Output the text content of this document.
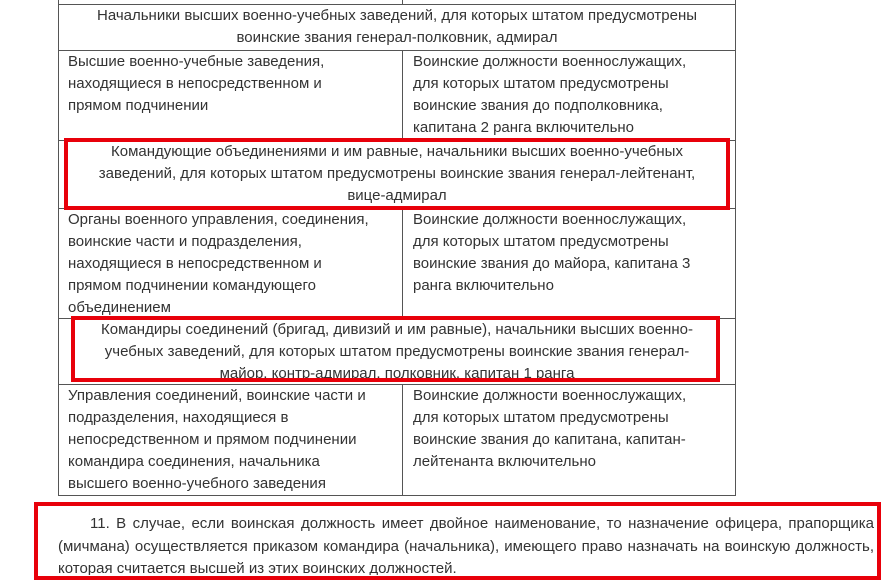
Начальники высших военно-учебных заведений, для которых штатом предусмотрены
воинские звания генерал-полковник, адмирал
Высшие военно-учебные заведения,
находящиеся в непосредственном и
прямом подчинении
Воинские должности военнослужащих,
для которых штатом предусмотрены
воинские звания до подполковника,
капитана 2 ранга включительно
Командующие объединениями и им равные, начальники высших военно-учебных
заведений, для которых штатом предусмотрены воинские звания генерал-лейтенант,
вице-адмирал
Органы военного управления, соединения,
воинские части и подразделения,
находящиеся в непосредственном и
прямом подчинении командующего
объединением
Воинские должности военнослужащих,
для которых штатом предусмотрены
воинские звания до майора, капитана 3
ранга включительно
Командиры соединений (бригад, дивизий и им равные), начальники высших военно-
учебных заведений, для которых штатом предусмотрены воинские звания генерал-
майор, контр-адмирал, полковник, капитан 1 ранга
Управления соединений, воинские части и
подразделения, находящиеся в
непосредственном и прямом подчинении
командира соединения, начальника
высшего военно-учебного заведения
Воинские должности военнослужащих,
для которых штатом предусмотрены
воинские звания до капитана, капитан-
лейтенанта включительно
11. В случае, если воинская должность имеет двойное наименование, то назначение офицера, прапорщика (мичмана) осуществляется приказом командира (начальника), имеющего право назначать на воинскую должность, которая считается высшей из этих воинских должностей.
